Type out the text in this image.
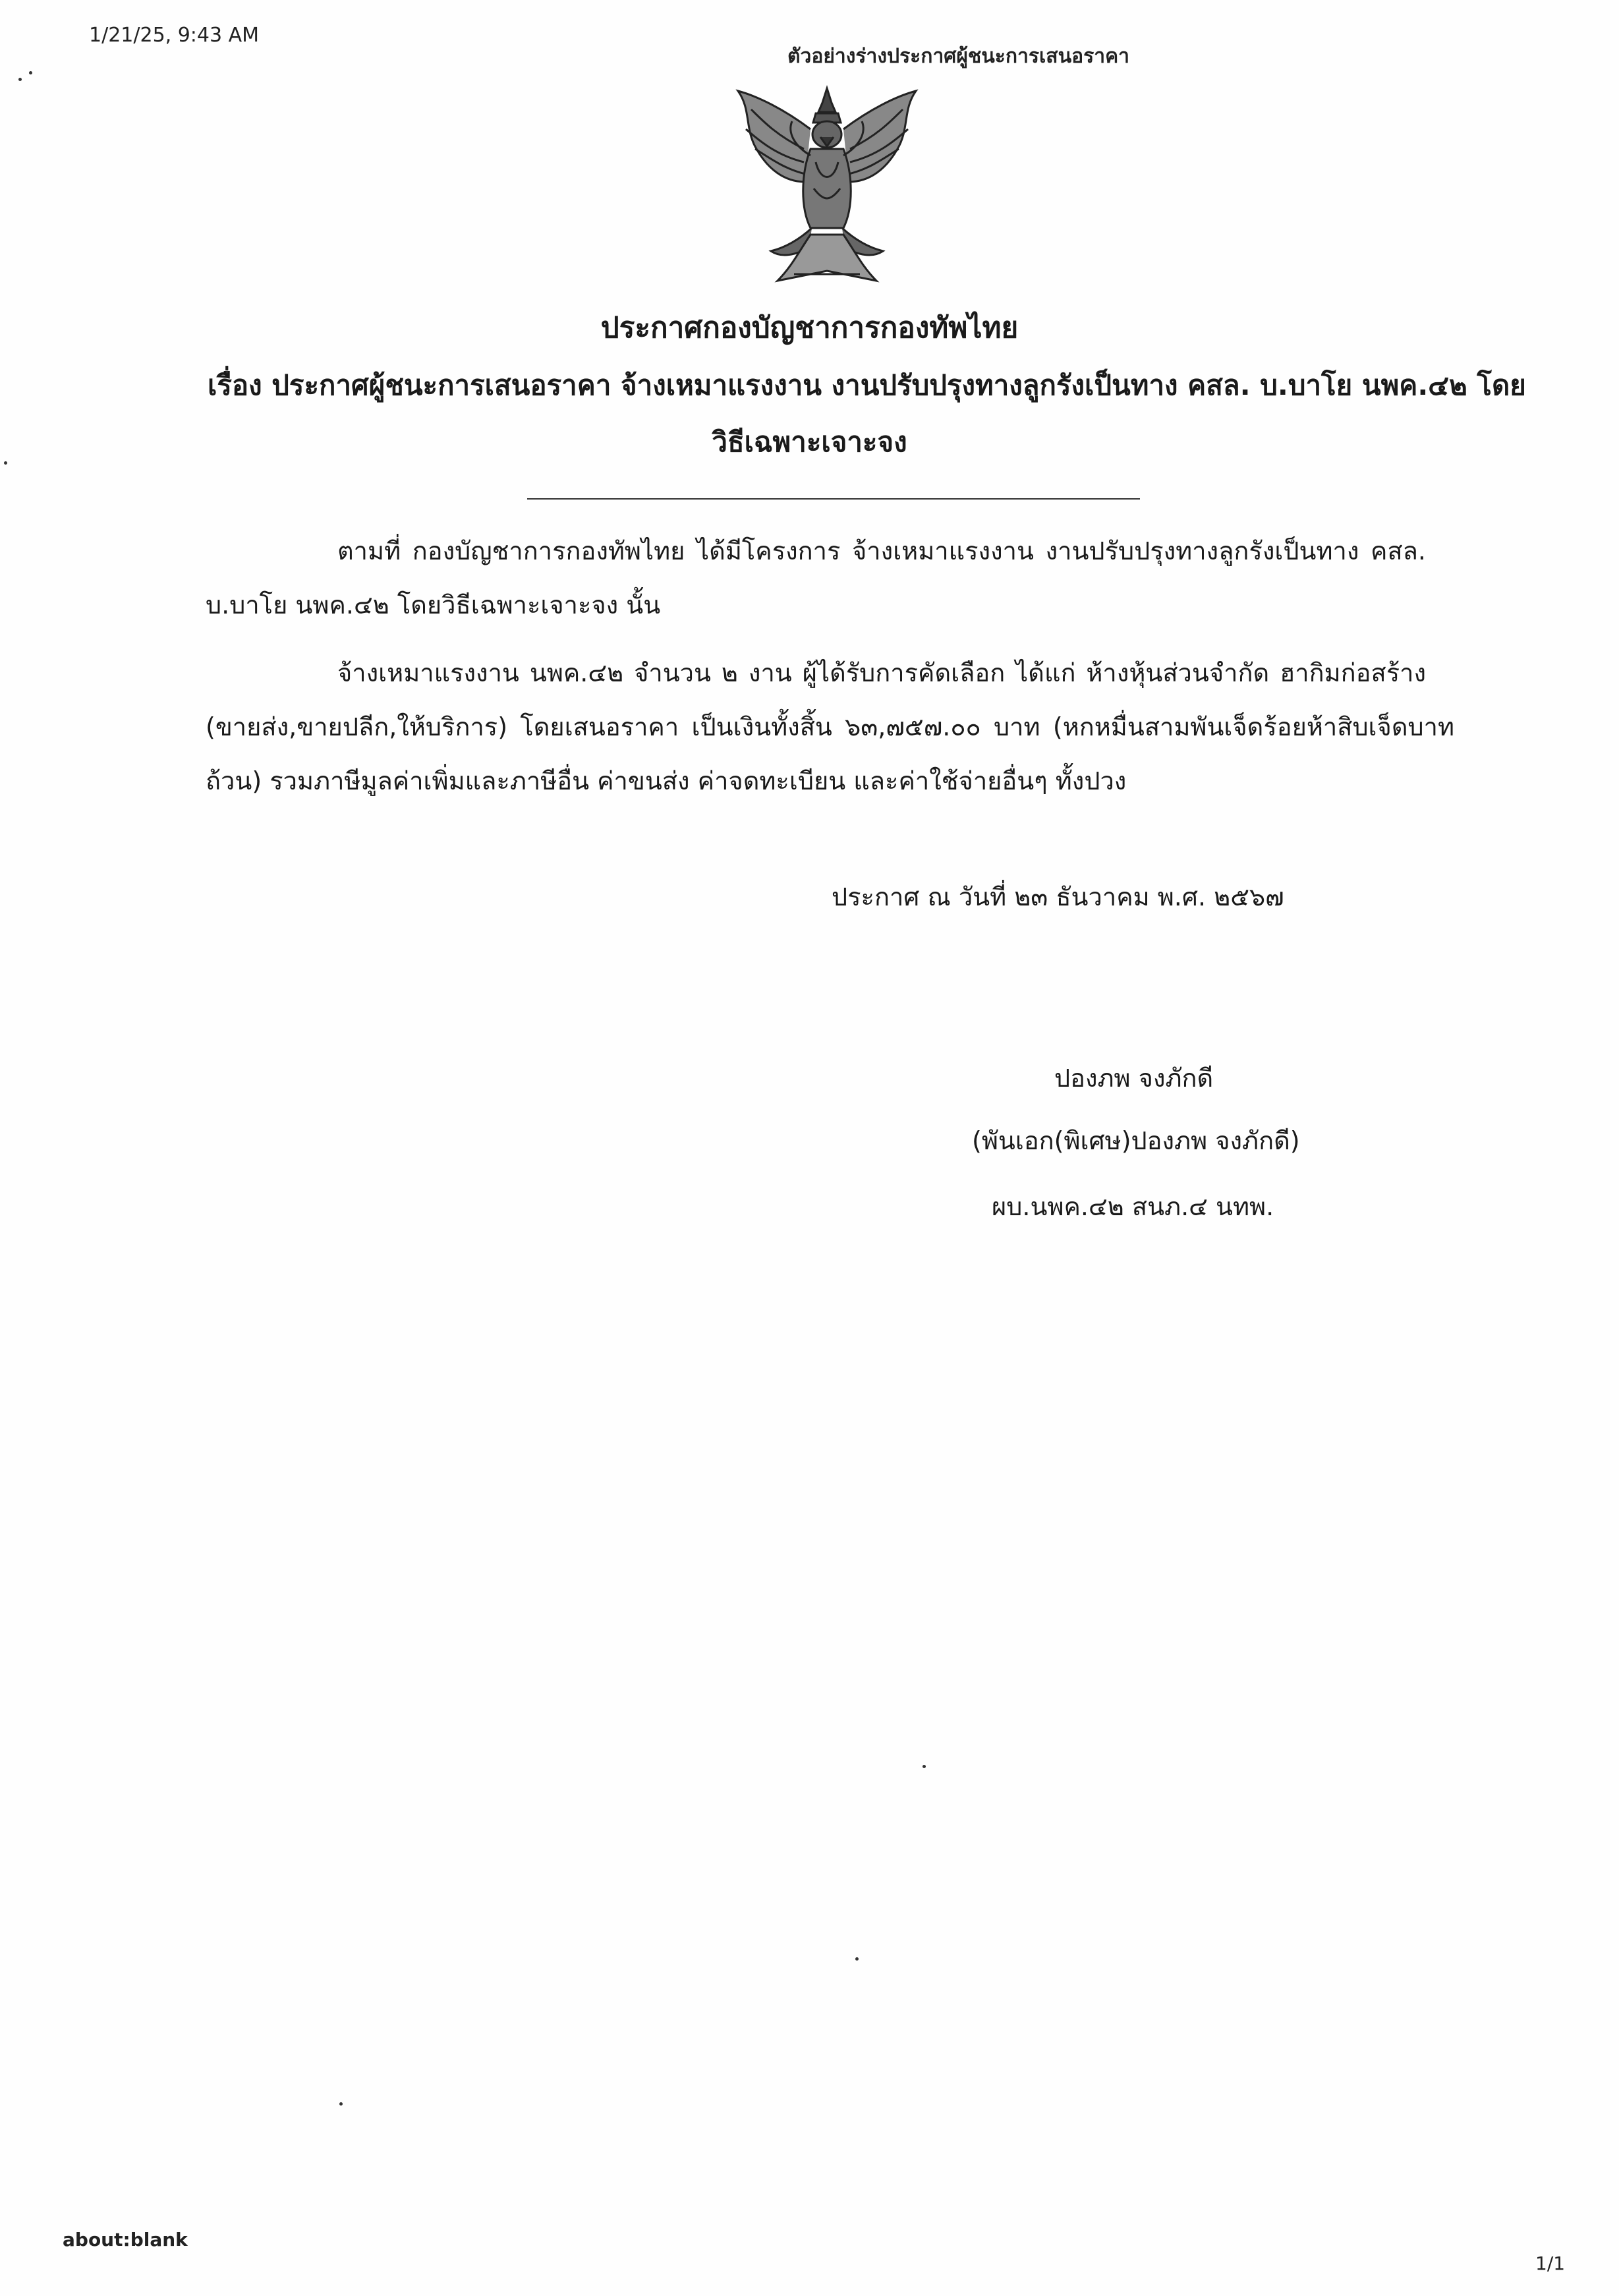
1/21/25, 9:43 AM
ตัวอย่างร่างประกาศผู้ชนะการเสนอราคา
ประกาศกองบัญชาการกองทัพไทย
เรื่อง ประกาศผู้ชนะการเสนอราคา จ้างเหมาแรงงาน งานปรับปรุงทางลูกรังเป็นทาง คสล. บ.บาโย นพค.๔๒ โดย
วิธีเฉพาะเจาะจง
ตามที่ กองบัญชาการกองทัพไทย ได้มีโครงการ จ้างเหมาแรงงาน งานปรับปรุงทางลูกรังเป็นทาง คสล.
บ.บาโย นพค.๔๒ โดยวิธีเฉพาะเจาะจง นั้น
จ้างเหมาแรงงาน นพค.๔๒ จำนวน ๒ งาน ผู้ได้รับการคัดเลือก ได้แก่ ห้างหุ้นส่วนจำกัด ฮากิมก่อสร้าง
(ขายส่ง,ขายปลีก,ให้บริการ) โดยเสนอราคา เป็นเงินทั้งสิ้น ๖๓,๗๕๗.๐๐ บาท (หกหมื่นสามพันเจ็ดร้อยห้าสิบเจ็ดบาท
ถ้วน) รวมภาษีมูลค่าเพิ่มและภาษีอื่น ค่าขนส่ง ค่าจดทะเบียน และค่าใช้จ่ายอื่นๆ ทั้งปวง
ประกาศ ณ วันที่ ๒๓ ธันวาคม พ.ศ. ๒๕๖๗
ปองภพ จงภักดี
(พันเอก(พิเศษ)ปองภพ จงภักดี)
ผบ.นพค.๔๒ สนภ.๔ นทพ.
about:blank
1/1
